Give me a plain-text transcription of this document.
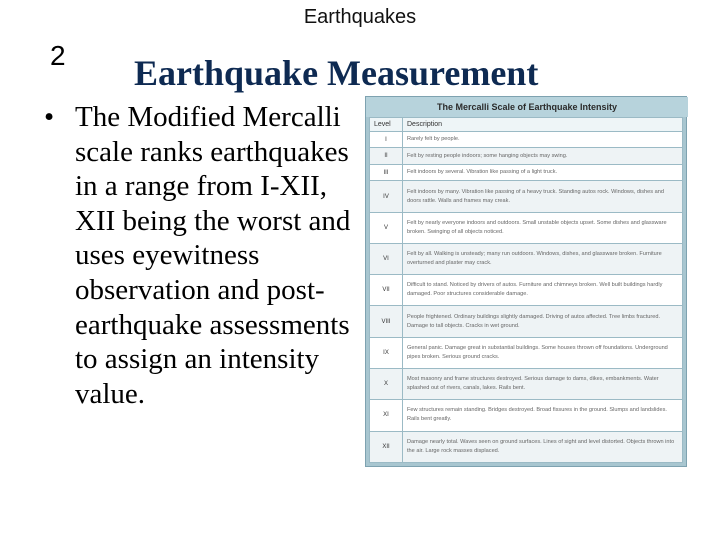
Earthquakes
2 Earthquake Measurement
• The Modified Mercalli scale ranks earthquakes in a range from I-XII, XII being the worst and uses eyewitness observation and post-earthquake assessments to assign an intensity value.
The Mercalli Scale of Earthquake Intensity
Level	Description
I	Rarely felt by people.
II	Felt by resting people indoors; some hanging objects may swing.
III	Felt indoors by several. Vibration like passing of a light truck.
IV	Felt indoors by many. Vibration like passing of a heavy truck. Standing autos rock. Windows, dishes and doors rattle. Walls and frames may creak.
V	Felt by nearly everyone indoors and outdoors. Small unstable objects upset. Some dishes and glassware broken. Swinging of all objects noticed.
VI	Felt by all. Walking is unsteady; many run outdoors. Windows, dishes, and glassware broken. Furniture overturned and plaster may crack.
VII	Difficult to stand. Noticed by drivers of autos. Furniture and chimneys broken. Well built buildings hardly damaged. Poor structures considerable damage.
VIII	People frightened. Ordinary buildings slightly damaged. Driving of autos affected. Tree limbs fractured. Damage to tall objects. Cracks in wet ground.
IX	General panic. Damage great in substantial buildings. Some houses thrown off foundations. Underground pipes broken. Serious ground cracks.
X	Most masonry and frame structures destroyed. Serious damage to dams, dikes, embankments. Water splashed out of rivers, canals, lakes. Rails bent.
XI	Few structures remain standing. Bridges destroyed. Broad fissures in the ground. Slumps and landslides. Rails bent greatly.
XII	Damage nearly total. Waves seen on ground surfaces. Lines of sight and level distorted. Objects thrown into the air. Large rock masses displaced.
